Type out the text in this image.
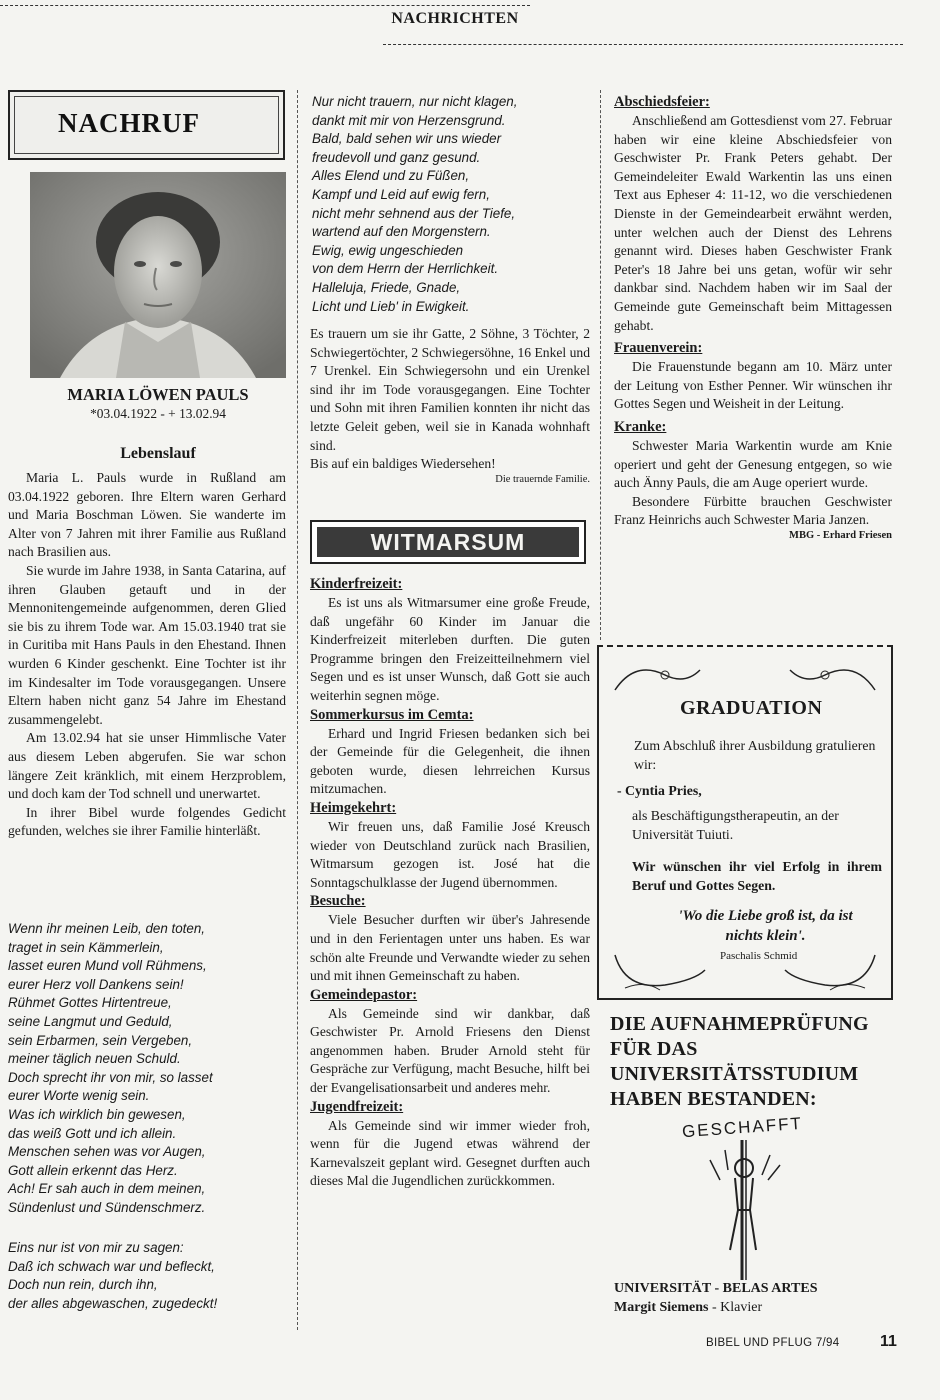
NACHRICHTEN
NACHRUF
MARIA LÖWEN PAULS
*03.04.1922 - + 13.02.94
Lebenslauf

Maria L. Pauls wurde in Rußland am 03.04.1922 geboren. Ihre Eltern waren Gerhard und Maria Boschman Löwen. Sie wanderte im Alter von 7 Jahren mit ihrer Familie aus Rußland nach Brasilien aus.

Sie wurde im Jahre 1938, in Santa Catarina, auf ihren Glauben getauft und in der Mennonitengemeinde aufgenommen, deren Glied sie bis zu ihrem Tode war. Am 15.03.1940 trat sie in Curitiba mit Hans Pauls in den Ehestand. Ihnen wurden 6 Kinder geschenkt. Eine Tochter ist ihr im Kindesalter im Tode vorausgegangen. Unsere Eltern haben nicht ganz 54 Jahre im Ehestand zusammengelebt.

Am 13.02.94 hat sie unser Himmlische Vater aus diesem Leben abgerufen. Sie war schon längere Zeit kränklich, mit einem Herzproblem, und doch kam der Tod schnell und unerwartet.

In ihrer Bibel wurde folgendes Gedicht gefunden, welches sie ihrer Familie hinterläßt.

Wenn ihr meinen Leib, den toten,
traget in sein Kämmerlein,
lasset euren Mund voll Rühmens,
eurer Herz voll Dankens sein!
Rühmet Gottes Hirtentreue,
seine Langmut und Geduld,
sein Erbarmen, sein Vergeben,
meiner täglich neuen Schuld.
Doch sprecht ihr von mir, so lasset
eurer Worte wenig sein.
Was ich wirklich bin gewesen,
das weiß Gott und ich allein.
Menschen sehen was vor Augen,
Gott allein erkennt das Herz.
Ach! Er sah auch in dem meinen,
Sündenlust und Sündenschmerz.

Eins nur ist von mir zu sagen:
Daß ich schwach war und befleckt,
Doch nun rein, durch ihn,
der alles abgewaschen, zugedeckt!

Nur nicht trauern, nur nicht klagen,
dankt mit mir von Herzensgrund.
Bald, bald sehen wir uns wieder
freudevoll und ganz gesund.
Alles Elend und zu Füßen,
Kampf und Leid auf ewig fern,
nicht mehr sehnend aus der Tiefe,
wartend auf den Morgenstern.
Ewig, ewig ungeschieden
von dem Herrn der Herrlichkeit.
Halleluja, Friede, Gnade,
Licht und Lieb' in Ewigkeit.

Es trauern um sie ihr Gatte, 2 Söhne, 3 Töchter, 2 Schwiegertöchter, 2 Schwiegersöhne, 16 Enkel und 7 Urenkel. Ein Schwiegersohn und ein Urenkel sind ihr im Tode vorausgegangen. Eine Tochter und Sohn mit ihren Familien konnten ihr nicht das letzte Geleit geben, weil sie in Kanada wohnhaft sind.

Bis auf ein baldiges Wiedersehen!

Die trauernde Familie.

WITMARSUM

Kinderfreizeit:

Es ist uns als Witmarsumer eine große Freude, daß ungefähr 60 Kinder im Januar die Kinderfreizeit miterleben durften. Die guten Programme bringen den Freizeitteilnehmern viel Segen und es ist unser Wunsch, daß Gott sie auch weiterhin segnen möge.

Sommerkursus im Cemta:

Erhard und Ingrid Friesen bedanken sich bei der Gemeinde für die Gelegenheit, die ihnen geboten wurde, diesen lehrreichen Kursus mitzumachen.

Heimgekehrt:

Wir freuen uns, daß Familie José Kreusch wieder von Deutschland zurück nach Brasilien, Witmarsum gezogen ist. José hat die Sonntagschulklasse der Jugend übernommen.

Besuche:

Viele Besucher durften wir über's Jahresende und in den Ferientagen unter uns haben. Es war schön alte Freunde und Verwandte wieder zu sehen und mit ihnen Gemeinschaft zu haben.

Gemeindepastor:

Als Gemeinde sind wir dankbar, daß Geschwister Pr. Arnold Friesens den Dienst angenommen haben. Bruder Arnold steht für Gespräche zur Verfügung, macht Besuche, hilft bei der Evangelisationsarbeit und anderes mehr.

Jugendfreizeit:

Als Gemeinde sind wir immer wieder froh, wenn für die Jugend etwas während der Karnevalszeit geplant wird. Gesegnet durften auch dieses Mal die Jugendlichen zurückkommen.

Abschiedsfeier:

Anschließend am Gottesdienst vom 27. Februar haben wir eine kleine Abschiedsfeier von Geschwister Pr. Frank Peters gehabt. Der Gemeindeleiter Ewald Warkentin las uns einen Text aus Epheser 4: 11-12, wo die verschiedenen Dienste in der Gemeindearbeit erwähnt werden, unter welchen auch der Dienst des Lehrens genannt wird. Dieses haben Geschwister Frank Peter's 18 Jahre bei uns getan, wofür wir sehr dankbar sind. Nachdem haben wir im Saal der Gemeinde gute Gemeinschaft beim Mittagessen gehabt.

Frauenverein:

Die Frauenstunde begann am 10. März unter der Leitung von Esther Penner. Wir wünschen ihr Gottes Segen und Weisheit in der Leitung.

Kranke:

Schwester Maria Warkentin wurde am Knie operiert und geht der Genesung entgegen, so wie auch Änny Pauls, die am Auge operiert wurde.

Besondere Fürbitte brauchen Geschwister Franz Heinrichs auch Schwester Maria Janzen.

MBG - Erhard Friesen

GRADUATION

Zum Abschluß ihrer Ausbildung gratulieren wir:

- Cyntia Pries,

als Beschäftigungstherapeutin, an der Universität Tuiuti.

Wir wünschen ihr viel Erfolg in ihrem Beruf und Gottes Segen.

'Wo die Liebe groß ist, da ist nichts klein'.

Paschalis Schmid

DIE AUFNAHMEPRÜFUNG
FÜR DAS
UNIVERSITÄTSSTUDIUM
HABEN BESTANDEN:
GESCHAFFT

UNIVERSITÄT - BELAS ARTES

Margit Siemens - Klavier

BIBEL UND PFLUG 7/94	11
